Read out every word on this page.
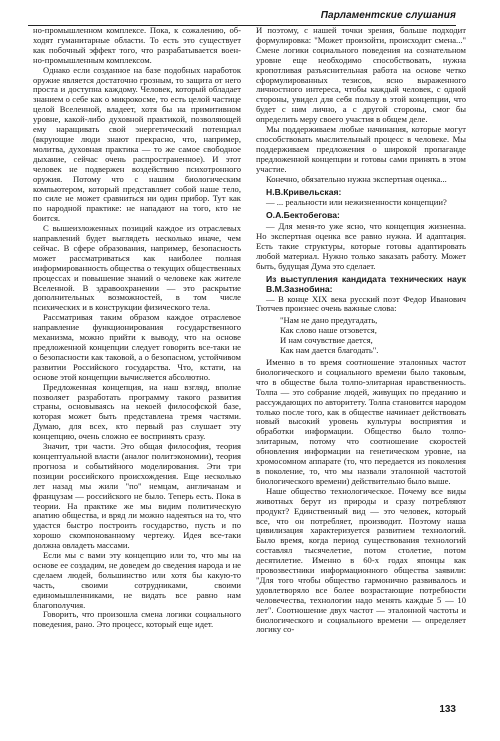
Парламентские слушания

но-промышленном комплексе. Пока, к сожалению, об- ходят гуманитарные области. То есть это существует как побочный эффект того, что разрабатывается воен- но-промышленным комплексом.

Однако если созданное на базе подобных наработок оружие является достаточно грозным, то защита от него проста и доступна каждому. Человек, который обладает знанием о себе как о микрокосме, то есть целой частице целой Вселенной, владеет, хотя бы на примитивном уровне, какой-либо духовной практикой, позволяющей ему наращивать свой энергетический потенциал (вкрующие люди знают прекрасно, что, например, молитва, духовная практика — то же самое свободное дыхание, сейчас очень распространенное). И этот человек не подвержен воздействию психотронного оружия. Потому что с нашим биологическим компьютером, который представляет собой наше тело, по силе не может сравниться ни один прибор. Тут как по народной практике: не нападают на того, кто не боится.

С вышеизложенных позиций каждое из отраслевых направлений будет выглядеть несколько иначе, чем сейчас. В сфере образования, например, безопасность может рассматриваться как наиболее полная информированность общества о текущих общественных процессах и повышение знаний о человеке как жителе Вселенной. В здравоохранении — это раскрытие дополнительных возможностей, в том числе психических и в конструкции физического тела.

Рассматривая таким образом каждое отраслевое направление функционирования государственного механизма, можно прийти к выводу, что на основе предложенной концепции следует говорить все-таки не о безопасности как таковой, а о безопасном, устойчивом развитии Российского государства. Что, кстати, на основе этой концепции вычисляется абсолютно.

Предложенная концепция, на наш взгляд, вполне позволяет разработать программу такого развития страны, основываясь на некоей философской базе, которая может быть представлена тремя частями. Думаю, для всех, кто первый раз слушает эту концепцию, очень сложно ее воспринять сразу.

Значит, три части. Это общая философия, теория концептуальной власти (аналог политэкономии), теория прогноза и событийного моделирования. Эти три позиции российского происхождения. Еще несколько лет назад мы жили "по" немцам, англичанам и французам — российского не было. Теперь есть. Пока в теории. На практике же мы видим политическую апатию общества, и вряд ли можно надеяться на то, что удастся быстро построить государство, пусть и по хорошо скомпонованному чертежу. Идея все-таки должна овладеть массами.

Если мы с вами эту концепцию или то, что мы на основе ее создадим, не доведем до сведения народа и не сделаем людей, большинство или хотя бы какую-то часть, своими сотрудниками, своими единомышленниками, не видать все равно нам благополучия.

Говорить, что произошла смена логики социального поведения, рано. Это процесс, который еще идет.

И поэтому, с нашей точки зрения, больше подходит формулировка: "Может произойти, происходит смена..." Смене логики социального поведения на сознательном уровне еще необходимо способствовать, нужна кропотливая разъяснительная работа на основе четко сформулированных тезисов, ясно выраженного личностного интереса, чтобы каждый человек, с одной стороны, увидел для себя пользу в этой концепции, что будет с ним лично, а с другой стороны, смог бы определить меру своего участия в общем деле.

Мы поддерживаем любые начинания, которые могут способствовать мыслительный процесс в человеке. Мы поддерживаем предложения о широкой пропаганде предложенной концепции и готовы сами принять в этом участие.

Конечно, обязательно нужна экспертная оценка...

Н.В.Кривельская:

— ... реальности или нежизненности концепции?

О.А.Бектобегова:

— Для меня-то уже ясно, что концепция жизненна. Но экспертная оценка все равно нужна. И адаптация. Есть такие структуры, которые готовы адаптировать любой материал. Нужно только заказать работу. Может быть, будущая Дума это сделает.

Из выступления кандидата технических наук В.М.Зазнобина:

— В конце XIX века русский поэт Федор Иванович Тютчев произнес очень важные слова:

"Нам не дано предугадать,
Как слово наше отзовется,
И нам сочувствие дается,
Как нам дается благодать".

Именно в то время соотношение эталонных частот биологического и социального времени было таковым, что в обществе была толпо-элитарная нравственность. Толпа — это собрание людей, живущих по преданию и рассуждающих по авторитету. Толпа становится народом только после того, как в обществе начинает действовать новый высокий уровень культуры восприятия и обработки информации. Общество было толпо-элитарным, потому что соотношение скоростей обновления информации на генетическом уровне, на хромосомном аппарате (то, что передается из поколения в поколение, то, что мы назвали эталонной частотой биологического времени) действительно было выше.

Наше общество технологическое. Почему все виды животных берут из природы и сразу потребляют продукт? Единственный вид — это человек, который все, что он потребляет, производит. Поэтому наша цивилизация характеризуется развитием технологий. Было время, когда период существования технологий составлял тысячелетие, потом столетие, потом десятилетие. Именно в 60-х годах японцы как провозвестники информационного общества заявили: "Для того чтобы общество гармонично развивалось и удовлетворяло все более возрастающие потребности человечества, технологии надо менять каждые 5 — 10 лет". Соотношение двух частот — эталонной частоты и биологического и социального времени — определяет логику со-

133
